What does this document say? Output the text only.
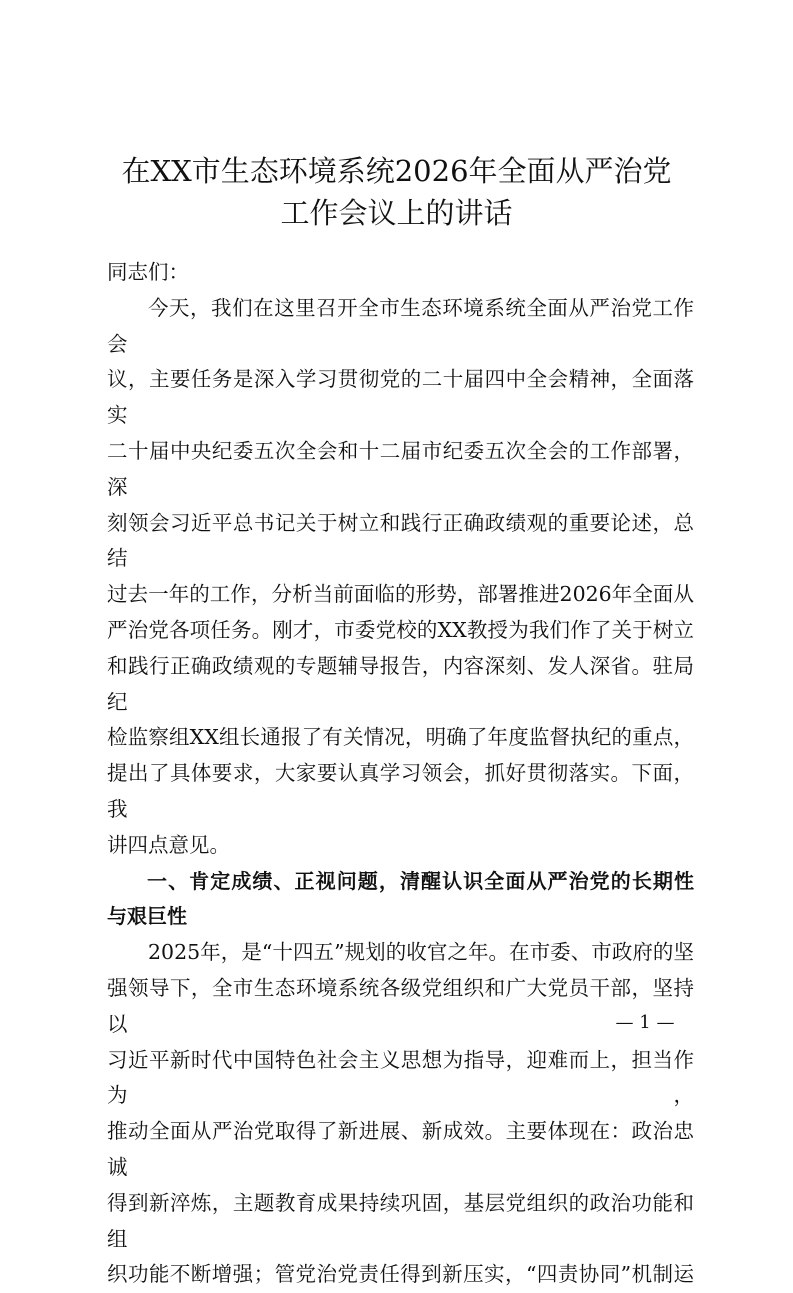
在XX市生态环境系统2026年全面从严治党
工作会议上的讲话
同志们：
今天，我们在这里召开全市生态环境系统全面从严治党工作会
议，主要任务是深入学习贯彻党的二十届四中全会精神，全面落实
二十届中央纪委五次全会和十二届市纪委五次全会的工作部署，深
刻领会习近平总书记关于树立和践行正确政绩观的重要论述，总结
过去一年的工作，分析当前面临的形势，部署推进2026年全面从
严治党各项任务。刚才，市委党校的XX教授为我们作了关于树立
和践行正确政绩观的专题辅导报告，内容深刻、发人深省。驻局纪
检监察组XX组长通报了有关情况，明确了年度监督执纪的重点，
提出了具体要求，大家要认真学习领会，抓好贯彻落实。下面，我
讲四点意见。
一、肯定成绩、正视问题，清醒认识全面从严治党的长期性
与艰巨性
2025年，是“十四五”规划的收官之年。在市委、市政府的坚
强领导下，全市生态环境系统各级党组织和广大党员干部，坚持以
习近平新时代中国特色社会主义思想为指导，迎难而上，担当作为，
推动全面从严治党取得了新进展、新成效。主要体现在：政治忠诚
得到新淬炼，主题教育成果持续巩固，基层党组织的政治功能和组
织功能不断增强；管党治党责任得到新压实，“四责协同”机制运
— 1 —
